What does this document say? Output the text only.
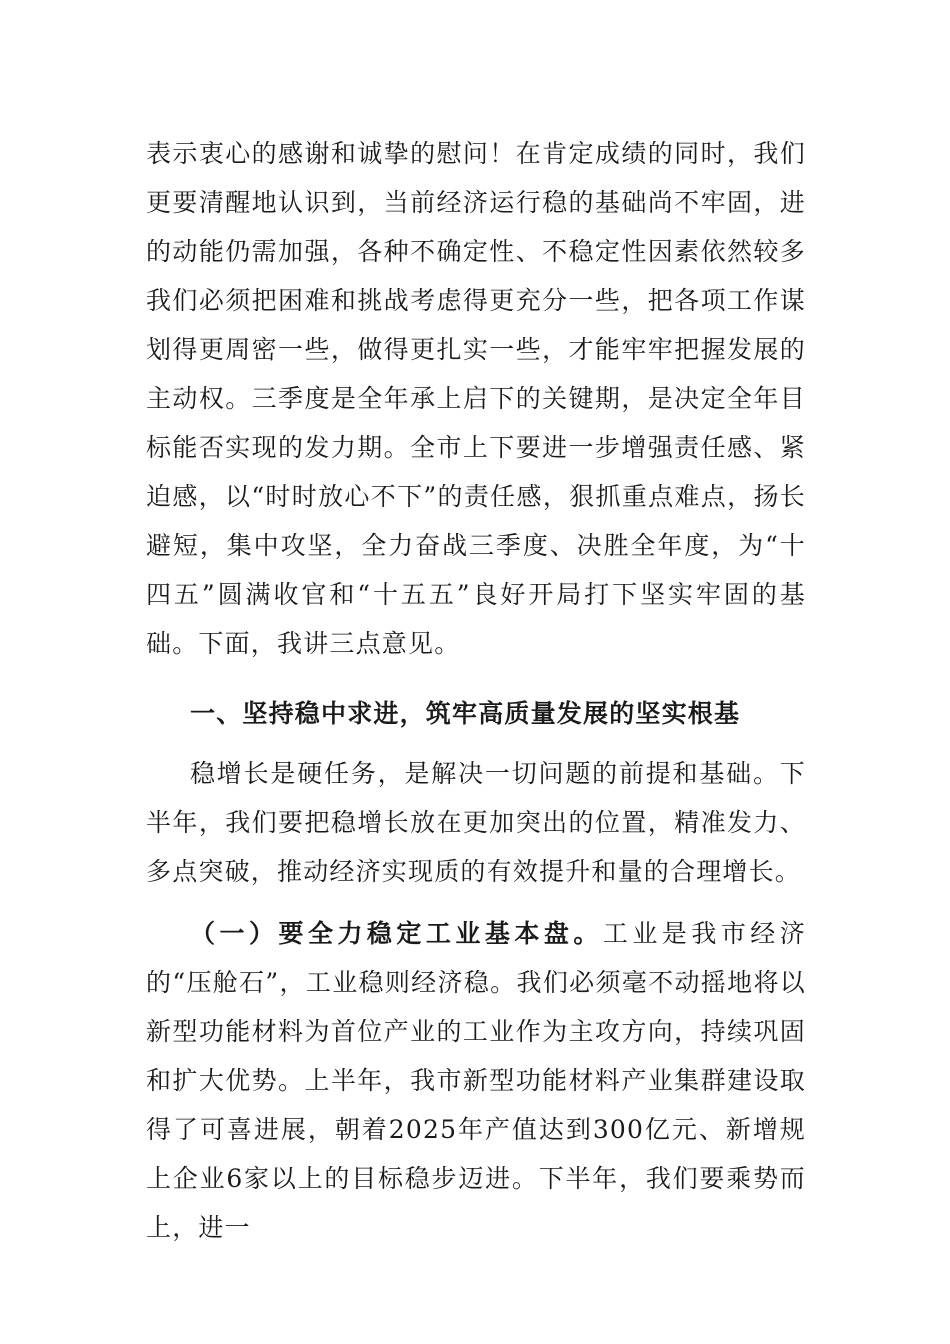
表示衷心的感谢和诚挚的慰问！在肯定成绩的同时，我们更要清醒地认识到，当前经济运行稳的基础尚不牢固，进的动能仍需加强，各种不确定性、不稳定性因素依然较多我们必须把困难和挑战考虑得更充分一些，把各项工作谋划得更周密一些，做得更扎实一些，才能牢牢把握发展的主动权。三季度是全年承上启下的关键期，是决定全年目标能否实现的发力期。全市上下要进一步增强责任感、紧迫感，以“时时放心不下”的责任感，狠抓重点难点，扬长避短，集中攻坚，全力奋战三季度、决胜全年度，为“十四五”圆满收官和“十五五”良好开局打下坚实牢固的基础。下面，我讲三点意见。

一、坚持稳中求进，筑牢高质量发展的坚实根基

稳增长是硬任务，是解决一切问题的前提和基础。下半年，我们要把稳增长放在更加突出的位置，精准发力、多点突破，推动经济实现质的有效提升和量的合理增长。

（一）要全力稳定工业基本盘。工业是我市经济的“压舱石”，工业稳则经济稳。我们必须毫不动摇地将以新型功能材料为首位产业的工业作为主攻方向，持续巩固和扩大优势。上半年，我市新型功能材料产业集群建设取得了可喜进展，朝着2025年产值达到300亿元、新增规上企业6家以上的目标稳步迈进。下半年，我们要乘势而上，进一
